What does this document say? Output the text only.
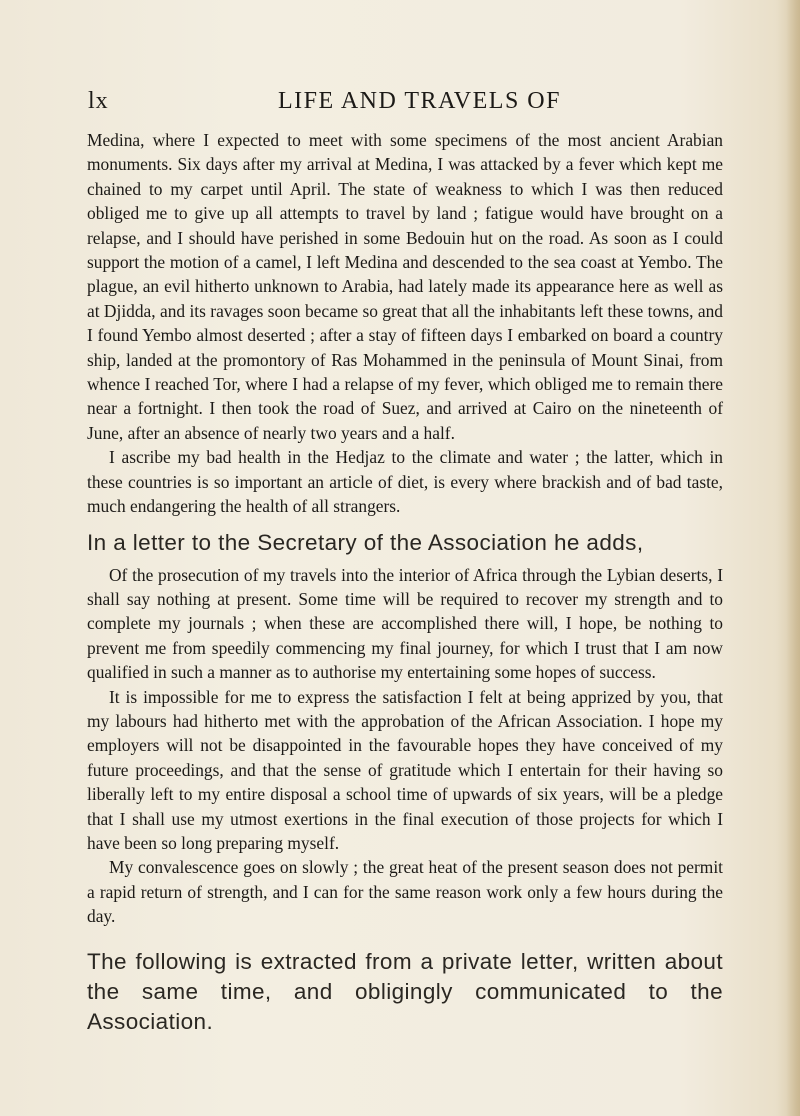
lx	LIFE AND TRAVELS OF

Medina, where I expected to meet with some specimens of the most ancient Arabian monuments. Six days after my arrival at Medina, I was attacked by a fever which kept me chained to my carpet until April. The state of weakness to which I was then reduced obliged me to give up all attempts to travel by land ; fatigue would have brought on a relapse, and I should have perished in some Bedouin hut on the road. As soon as I could support the motion of a camel, I left Medina and descended to the sea coast at Yembo. The plague, an evil hitherto unknown to Arabia, had lately made its appearance here as well as at Djidda, and its ravages soon became so great that all the inhabitants left these towns, and I found Yembo almost deserted ; after a stay of fifteen days I embarked on board a country ship, landed at the promontory of Ras Mohammed in the peninsula of Mount Sinai, from whence I reached Tor, where I had a relapse of my fever, which obliged me to remain there near a fortnight. I then took the road of Suez, and arrived at Cairo on the nineteenth of June, after an absence of nearly two years and a half.

I ascribe my bad health in the Hedjaz to the climate and water ; the latter, which in these countries is so important an article of diet, is every where brackish and of bad taste, much endangering the health of all strangers.

In a letter to the Secretary of the Association he adds,

Of the prosecution of my travels into the interior of Africa through the Lybian deserts, I shall say nothing at present. Some time will be required to recover my strength and to complete my journals ; when these are accomplished there will, I hope, be nothing to prevent me from speedily commencing my final journey, for which I trust that I am now qualified in such a manner as to authorise my entertaining some hopes of success.

It is impossible for me to express the satisfaction I felt at being apprized by you, that my labours had hitherto met with the approbation of the African Association. I hope my employers will not be disappointed in the favourable hopes they have conceived of my future proceedings, and that the sense of gratitude which I entertain for their having so liberally left to my entire disposal a school time of upwards of six years, will be a pledge that I shall use my utmost exertions in the final execution of those projects for which I have been so long preparing myself.

My convalescence goes on slowly ; the great heat of the present season does not permit a rapid return of strength, and I can for the same reason work only a few hours during the day.

The following is extracted from a private letter, written about the same time, and obligingly communicated to the Association.
